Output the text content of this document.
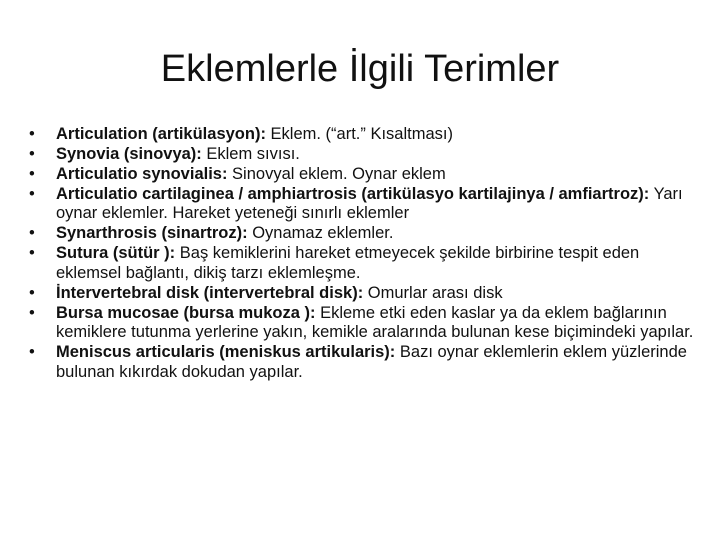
Eklemlerle İlgili Terimler
•	Articulation (artikülasyon): Eklem. (“art.” Kısaltması)
•	Synovia (sinovya): Eklem sıvısı.
•	Articulatio synovialis: Sinovyal eklem. Oynar eklem
•	Articulatio cartilaginea / amphiartrosis (artikülasyo kartilajinya / amfiartroz): Yarı oynar eklemler. Hareket yeteneği sınırlı eklemler
•	Synarthrosis (sinartroz): Oynamaz eklemler.
•	Sutura (sütür ): Baş kemiklerini hareket etmeyecek şekilde birbirine tespit eden eklemsel bağlantı, dikiş tarzı eklemleşme.
•	İntervertebral disk (intervertebral disk): Omurlar arası disk
•	Bursa mucosae (bursa mukoza ): Ekleme etki eden kaslar ya da eklem bağlarının kemiklere tutunma yerlerine yakın, kemikle aralarında bulunan kese biçimindeki yapılar.
•	Meniscus articularis (meniskus artikularis): Bazı oynar eklemlerin eklem yüzlerinde bulunan kıkırdak dokudan yapılar.
